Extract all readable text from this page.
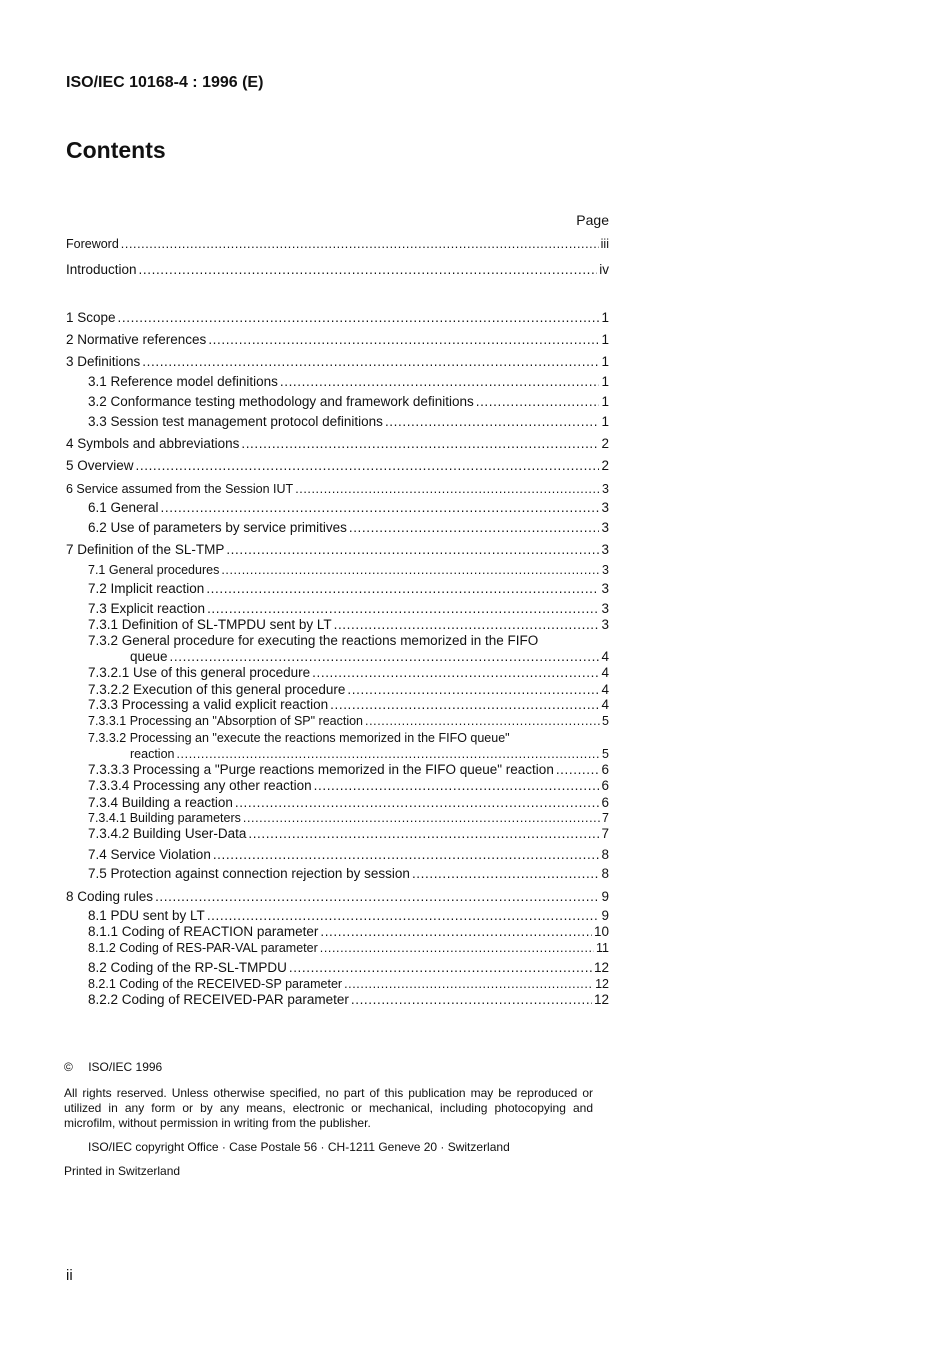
ISO/IEC 10168-4 : 1996 (E)
Contents
Page
Foreword .....	iii
Introduction .....	iv
1 Scope .....	1
2 Normative references .....	1
3 Definitions .....	1
3.1 Reference model definitions .....	1
3.2 Conformance testing methodology and framework definitions .....	1
3.3 Session test management protocol definitions .....	1
4 Symbols and abbreviations .....	2
5 Overview .....	2
6 Service assumed from the Session IUT .....	3
6.1 General .....	3
6.2 Use of parameters by service primitives .....	3
7 Definition of the SL-TMP .....	3
7.1 General procedures .....	3
7.2 Implicit reaction .....	3
7.3 Explicit reaction .....	3
7.3.1 Definition of SL-TMPDU sent by LT .....	3
7.3.2 General procedure for executing the reactions memorized in the FIFO
queue .....	4
7.3.2.1 Use of this general procedure .....	4
7.3.2.2 Execution of this general procedure .....	4
7.3.3 Processing a valid explicit reaction .....	4
7.3.3.1 Processing an "Absorption of SP" reaction .....	5
7.3.3.2 Processing an "execute the reactions memorized in the FIFO queue"
reaction .....	5
7.3.3.3 Processing a "Purge reactions memorized in the FIFO queue" reaction .....	6
7.3.3.4 Processing any other reaction .....	6
7.3.4 Building a reaction .....	6
7.3.4.1 Building parameters .....	7
7.3.4.2 Building User-Data .....	7
7.4 Service Violation .....	8
7.5 Protection against connection rejection by session .....	8
8 Coding rules .....	9
8.1 PDU sent by LT .....	9
8.1.1 Coding of REACTION parameter .....	10
8.1.2 Coding of RES-PAR-VAL parameter .....	11
8.2 Coding of the RP-SL-TMPDU .....	12
8.2.1 Coding of the RECEIVED-SP parameter .....	12
8.2.2 Coding of RECEIVED-PAR parameter .....	12
© ISO/IEC 1996
All rights reserved. Unless otherwise specified, no part of this publication may be reproduced or utilized in any form or by any means, electronic or mechanical, including photocopying and microfilm, without permission in writing from the publisher.
ISO/IEC copyright Office · Case Postale 56 · CH-1211 Geneve 20 · Switzerland
Printed in Switzerland
ii
